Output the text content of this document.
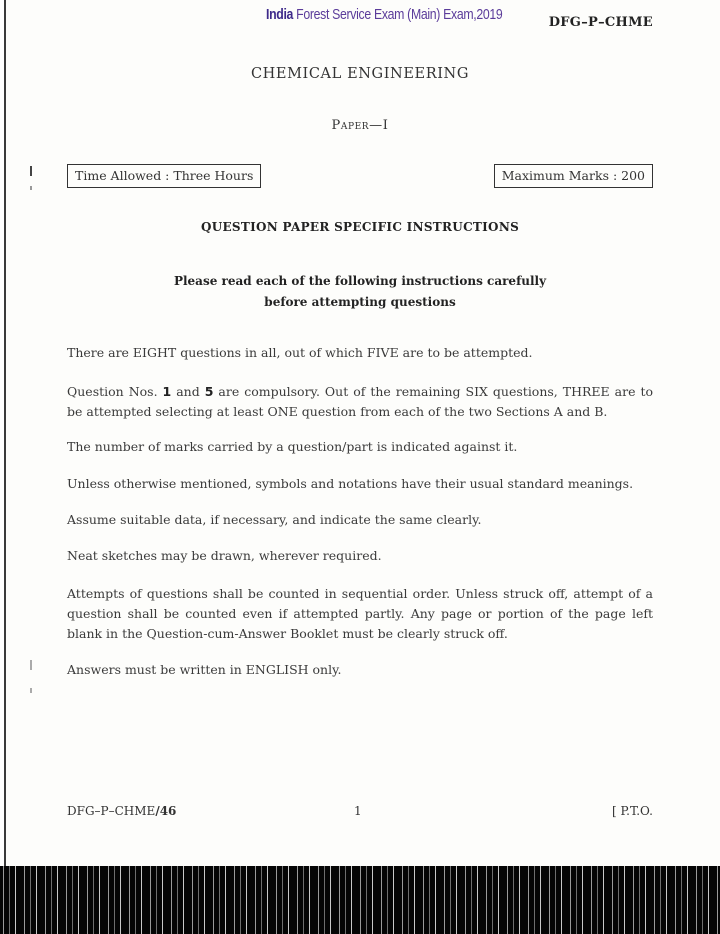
India Forest Service Exam (Main) Exam,2019	DFG–P–CHME
CHEMICAL ENGINEERING
Paper—I
Time Allowed : Three Hours	Maximum Marks : 200
QUESTION PAPER SPECIFIC INSTRUCTIONS
Please read each of the following instructions carefully
before attempting questions
There are EIGHT questions in all, out of which FIVE are to be attempted.
Question Nos. 1 and 5 are compulsory. Out of the remaining SIX questions, THREE are to be attempted selecting at least ONE question from each of the two Sections A and B.
The number of marks carried by a question/part is indicated against it.
Unless otherwise mentioned, symbols and notations have their usual standard meanings.
Assume suitable data, if necessary, and indicate the same clearly.
Neat sketches may be drawn, wherever required.
Attempts of questions shall be counted in sequential order. Unless struck off, attempt of a question shall be counted even if attempted partly. Any page or portion of the page left blank in the Question-cum-Answer Booklet must be clearly struck off.
Answers must be written in ENGLISH only.
DFG–P–CHME/46	1	[ P.T.O.
